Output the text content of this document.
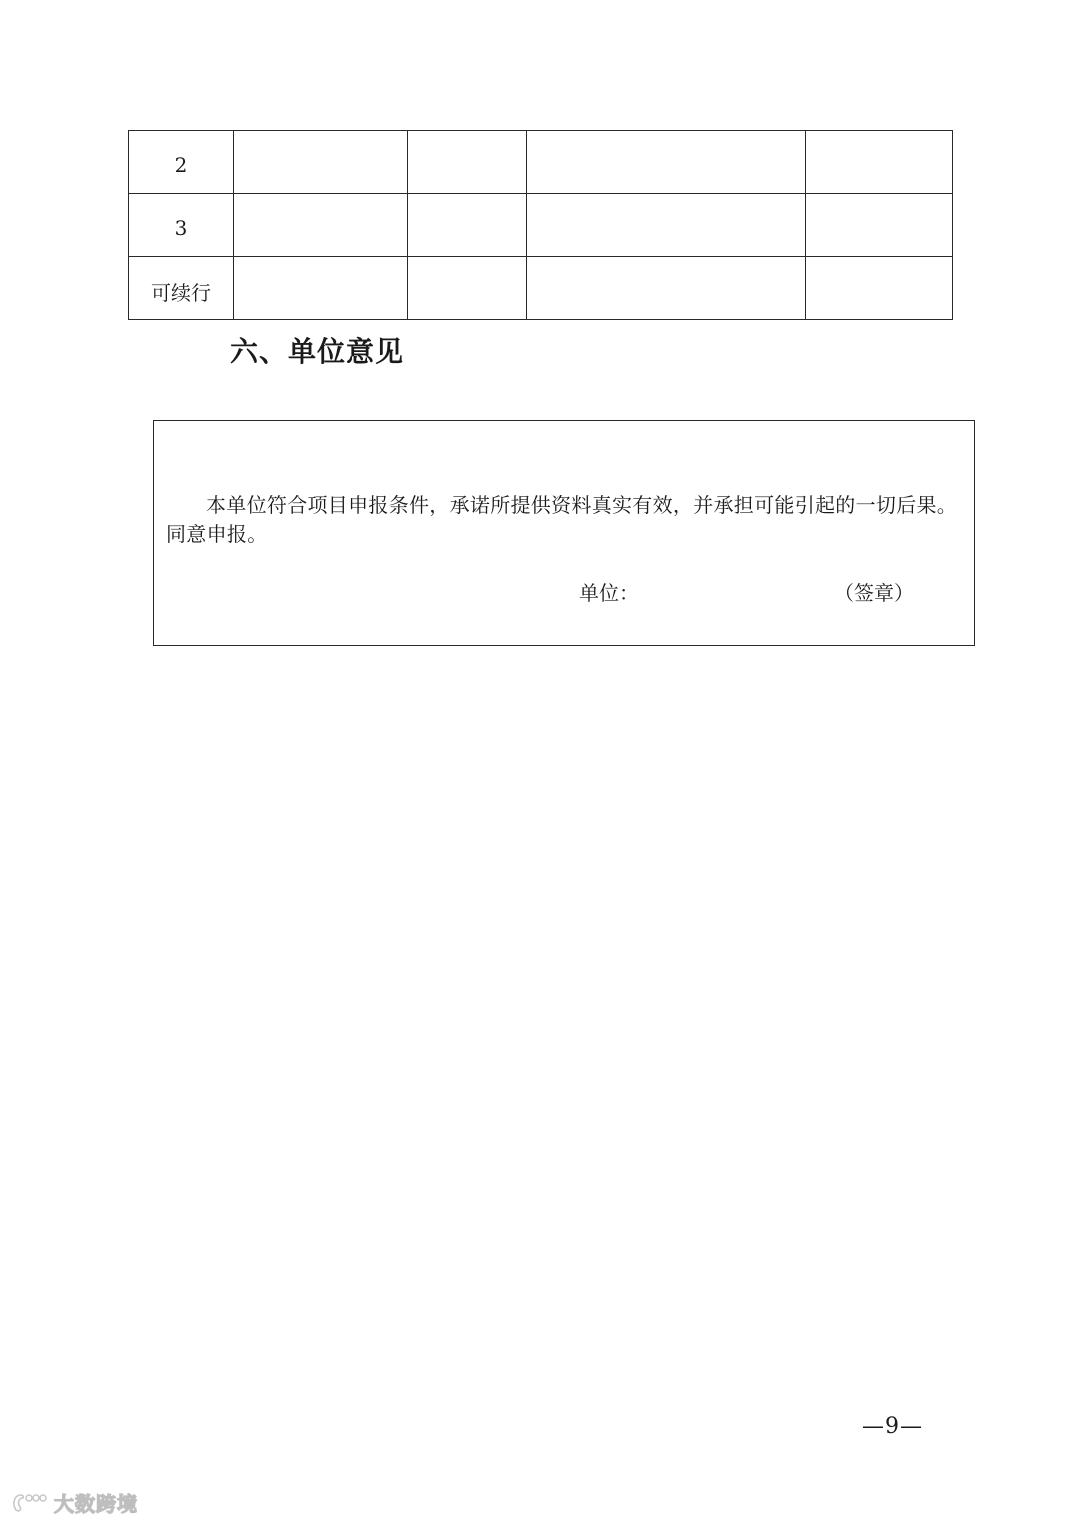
2				
3				
可续行				
六、单位意见

本单位符合项目申报条件，承诺所提供资料真实有效，并承担可能引起的一切后果。同意申报。

单位：	（签章）
—9—
大数跨境
